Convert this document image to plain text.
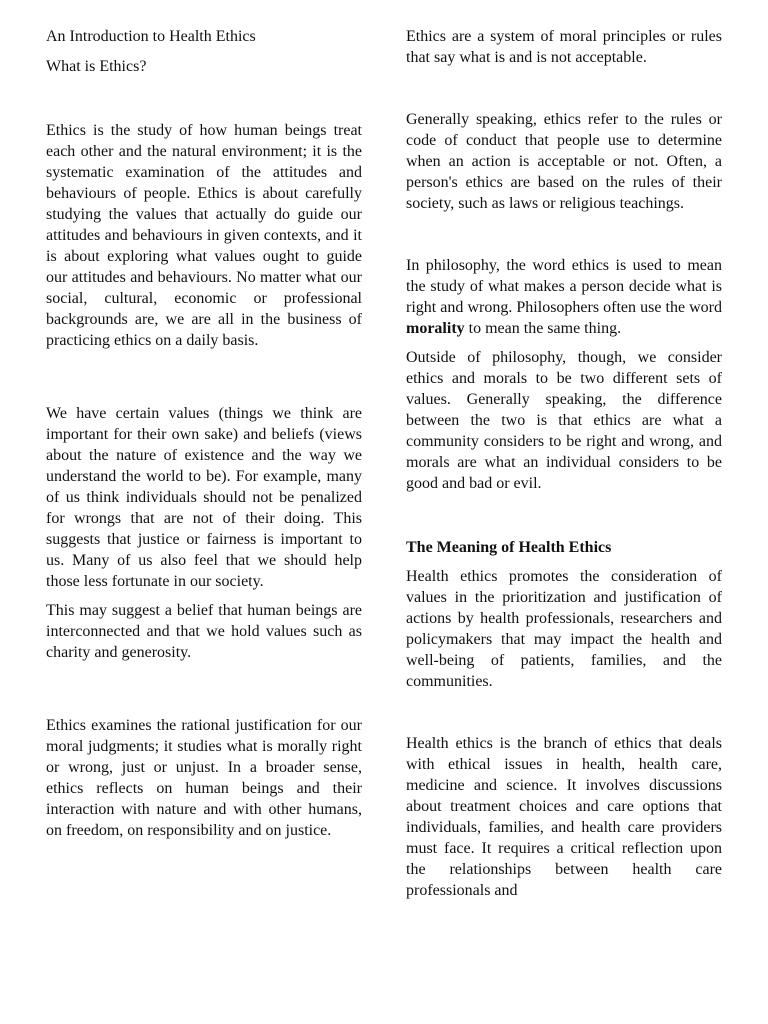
An Introduction to Health Ethics

What is Ethics?

Ethics is the study of how human beings treat each other and the natural environment; it is the systematic examination of the attitudes and behaviours of people. Ethics is about carefully studying the values that actually do guide our attitudes and behaviours in given contexts, and it is about exploring what values ought to guide our attitudes and behaviours. No matter what our social, cultural, economic or professional backgrounds are, we are all in the business of practicing ethics on a daily basis.

We have certain values (things we think are important for their own sake) and beliefs (views about the nature of existence and the way we understand the world to be). For example, many of us think individuals should not be penalized for wrongs that are not of their doing. This suggests that justice or fairness is important to us. Many of us also feel that we should help those less fortunate in our society.

This may suggest a belief that human beings are interconnected and that we hold values such as charity and generosity.

Ethics examines the rational justification for our moral judgments; it studies what is morally right or wrong, just or unjust. In a broader sense, ethics reflects on human beings and their interaction with nature and with other humans, on freedom, on responsibility and on justice.

Ethics are a system of moral principles or rules that say what is and is not acceptable.

Generally speaking, ethics refer to the rules or code of conduct that people use to determine when an action is acceptable or not. Often, a person's ethics are based on the rules of their society, such as laws or religious teachings.

In philosophy, the word ethics is used to mean the study of what makes a person decide what is right and wrong. Philosophers often use the word morality to mean the same thing.

Outside of philosophy, though, we consider ethics and morals to be two different sets of values. Generally speaking, the difference between the two is that ethics are what a community considers to be right and wrong, and morals are what an individual considers to be good and bad or evil.

The Meaning of Health Ethics

Health ethics promotes the consideration of values in the prioritization and justification of actions by health professionals, researchers and policymakers that may impact the health and well-being of patients, families, and the communities.

Health ethics is the branch of ethics that deals with ethical issues in health, health care, medicine and science. It involves discussions about treatment choices and care options that individuals, families, and health care providers must face. It requires a critical reflection upon the relationships between health care professionals and
